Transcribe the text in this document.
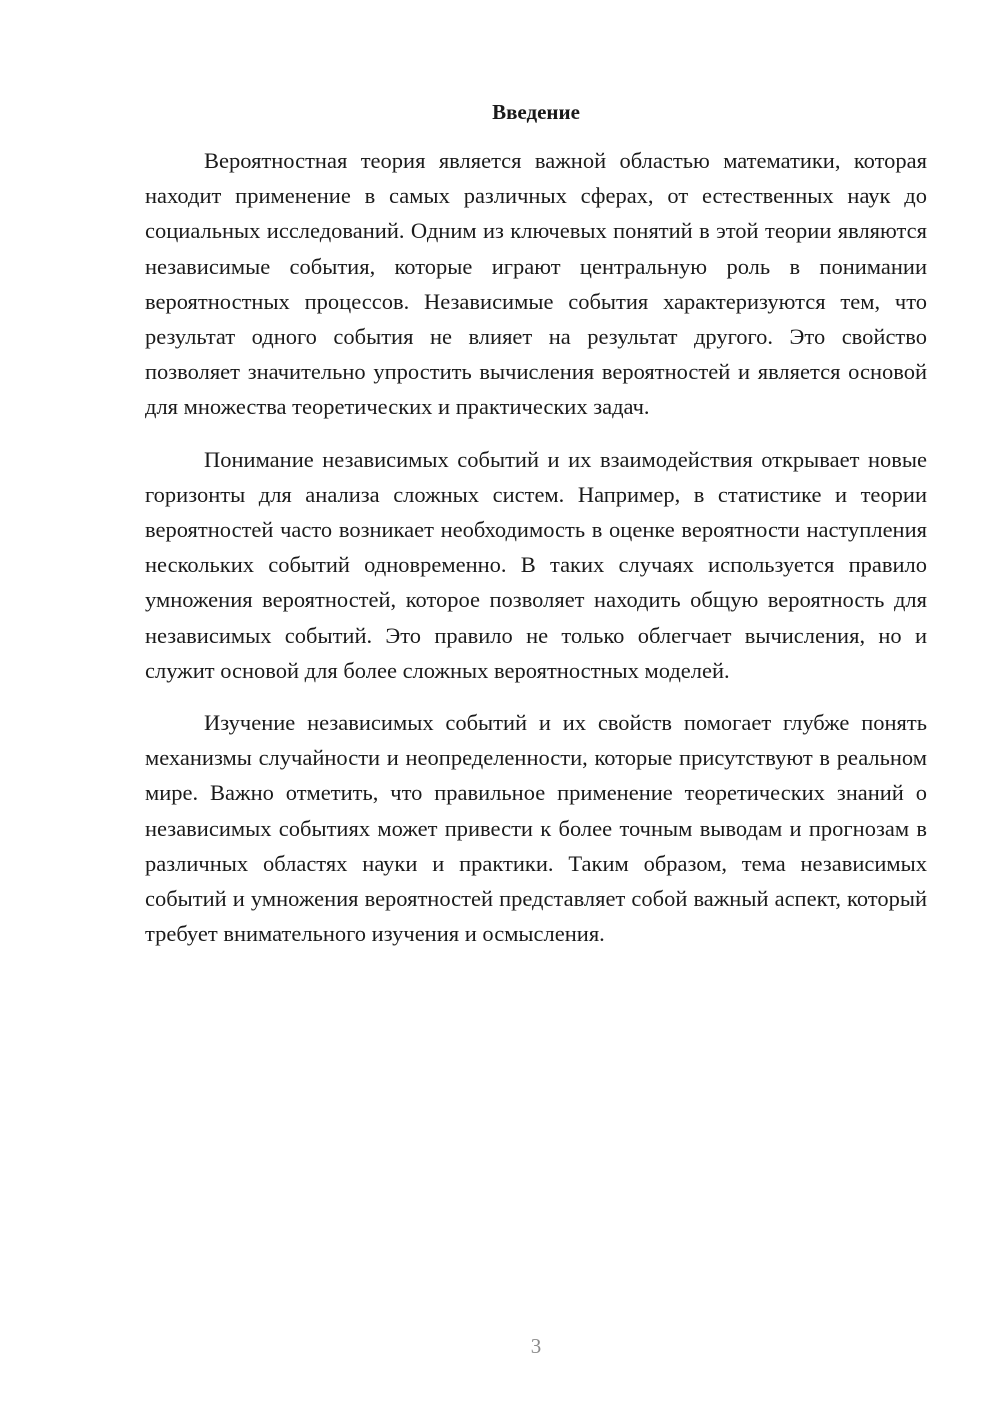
Введение

Вероятностная теория является важной областью математики, которая находит применение в самых различных сферах, от естественных наук до социальных исследований. Одним из ключевых понятий в этой теории являются независимые события, которые играют центральную роль в понимании вероятностных процессов. Независимые события характеризуются тем, что результат одного события не влияет на результат другого. Это свойство позволяет значительно упростить вычисления вероятностей и является основой для множества теоретических и практических задач.

Понимание независимых событий и их взаимодействия открывает новые горизонты для анализа сложных систем. Например, в статистике и теории вероятностей часто возникает необходимость в оценке вероятности наступления нескольких событий одновременно. В таких случаях используется правило умножения вероятностей, которое позволяет находить общую вероятность для независимых событий. Это правило не только облегчает вычисления, но и служит основой для более сложных вероятностных моделей.

Изучение независимых событий и их свойств помогает глубже понять механизмы случайности и неопределенности, которые присутствуют в реальном мире. Важно отметить, что правильное применение теоретических знаний о независимых событиях может привести к более точным выводам и прогнозам в различных областях науки и практики. Таким образом, тема независимых событий и умножения вероятностей представляет собой важный аспект, который требует внимательного изучения и осмысления.

3
